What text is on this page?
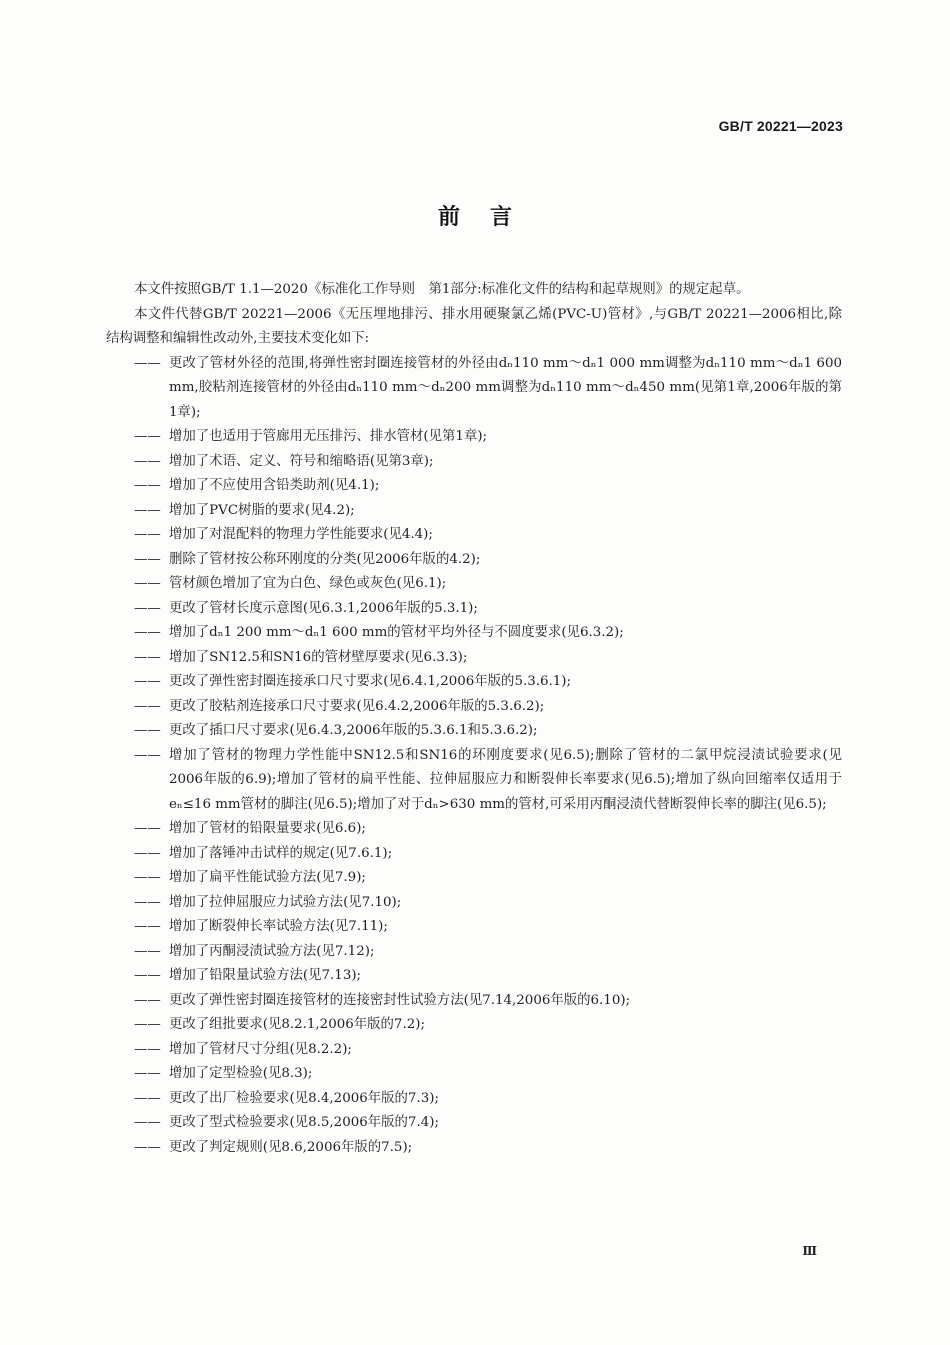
GB/T 20221—2023
前言

本文件按照GB/T 1.1—2020《标准化工作导则　第1部分:标准化文件的结构和起草规则》的规定起草。

本文件代替GB/T 20221—2006《无压埋地排污、排水用硬聚氯乙烯(PVC-U)管材》,与GB/T 20221—2006相比,除结构调整和编辑性改动外,主要技术变化如下:

—— 更改了管材外径的范围,将弹性密封圈连接管材的外径由dₙ110 mm～dₙ1 000 mm调整为dₙ110 mm～dₙ1 600 mm,胶粘剂连接管材的外径由dₙ110 mm～dₙ200 mm调整为dₙ110 mm～dₙ450 mm(见第1章,2006年版的第1章);
—— 增加了也适用于管廊用无压排污、排水管材(见第1章);
—— 增加了术语、定义、符号和缩略语(见第3章);
—— 增加了不应使用含铅类助剂(见4.1);
—— 增加了PVC树脂的要求(见4.2);
—— 增加了对混配料的物理力学性能要求(见4.4);
—— 删除了管材按公称环刚度的分类(见2006年版的4.2);
—— 管材颜色增加了宜为白色、绿色或灰色(见6.1);
—— 更改了管材长度示意图(见6.3.1,2006年版的5.3.1);
—— 增加了dₙ1 200 mm～dₙ1 600 mm的管材平均外径与不圆度要求(见6.3.2);
—— 增加了SN12.5和SN16的管材壁厚要求(见6.3.3);
—— 更改了弹性密封圈连接承口尺寸要求(见6.4.1,2006年版的5.3.6.1);
—— 更改了胶粘剂连接承口尺寸要求(见6.4.2,2006年版的5.3.6.2);
—— 更改了插口尺寸要求(见6.4.3,2006年版的5.3.6.1和5.3.6.2);
—— 增加了管材的物理力学性能中SN12.5和SN16的环刚度要求(见6.5);删除了管材的二氯甲烷浸渍试验要求(见2006年版的6.9);增加了管材的扁平性能、拉伸屈服应力和断裂伸长率要求(见6.5);增加了纵向回缩率仅适用于eₙ≤16 mm管材的脚注(见6.5);增加了对于dₙ>630 mm的管材,可采用丙酮浸渍代替断裂伸长率的脚注(见6.5);
—— 增加了管材的铅限量要求(见6.6);
—— 增加了落锤冲击试样的规定(见7.6.1);
—— 增加了扁平性能试验方法(见7.9);
—— 增加了拉伸屈服应力试验方法(见7.10);
—— 增加了断裂伸长率试验方法(见7.11);
—— 增加了丙酮浸渍试验方法(见7.12);
—— 增加了铅限量试验方法(见7.13);
—— 更改了弹性密封圈连接管材的连接密封性试验方法(见7.14,2006年版的6.10);
—— 更改了组批要求(见8.2.1,2006年版的7.2);
—— 增加了管材尺寸分组(见8.2.2);
—— 增加了定型检验(见8.3);
—— 更改了出厂检验要求(见8.4,2006年版的7.3);
—— 更改了型式检验要求(见8.5,2006年版的7.4);
—— 更改了判定规则(见8.6,2006年版的7.5);
Ⅲ
